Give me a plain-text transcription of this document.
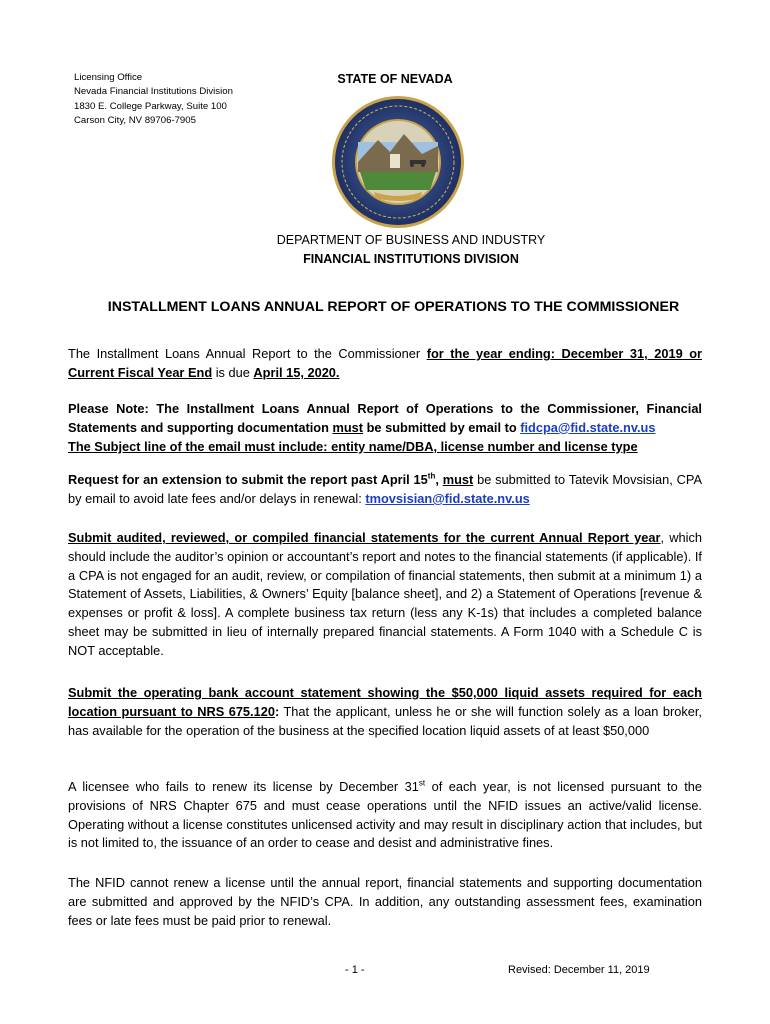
Licensing Office
Nevada Financial Institutions Division
1830 E. College Parkway, Suite 100
Carson City, NV 89706-7905
STATE OF NEVADA
DEPARTMENT OF BUSINESS AND INDUSTRY
FINANCIAL INSTITUTIONS DIVISION
INSTALLMENT LOANS ANNUAL REPORT OF OPERATIONS TO THE COMMISSIONER

The Installment Loans Annual Report to the Commissioner for the year ending: December 31, 2019 or Current Fiscal Year End is due April 15, 2020.

Please Note: The Installment Loans Annual Report of Operations to the Commissioner, Financial Statements and supporting documentation must be submitted by email to fidcpa@fid.state.nv.us

The Subject line of the email must include: entity name/DBA, license number and license type

Request for an extension to submit the report past April 15th, must be submitted to Tatevik Movsisian, CPA by email to avoid late fees and/or delays in renewal: tmovsisian@fid.state.nv.us

Submit audited, reviewed, or compiled financial statements for the current Annual Report year, which should include the auditor’s opinion or accountant’s report and notes to the financial statements (if applicable). If a CPA is not engaged for an audit, review, or compilation of financial statements, then submit at a minimum 1) a Statement of Assets, Liabilities, & Owners’ Equity [balance sheet], and 2) a Statement of Operations [revenue & expenses or profit & loss]. A complete business tax return (less any K-1s) that includes a completed balance sheet may be submitted in lieu of internally prepared financial statements. A Form 1040 with a Schedule C is NOT acceptable.

Submit the operating bank account statement showing the $50,000 liquid assets required for each location pursuant to NRS 675.120: That the applicant, unless he or she will function solely as a loan broker, has available for the operation of the business at the specified location liquid assets of at least $50,000

A licensee who fails to renew its license by December 31st of each year, is not licensed pursuant to the provisions of NRS Chapter 675 and must cease operations until the NFID issues an active/valid license. Operating without a license constitutes unlicensed activity and may result in disciplinary action that includes, but is not limited to, the issuance of an order to cease and desist and administrative fines.

The NFID cannot renew a license until the annual report, financial statements and supporting documentation are submitted and approved by the NFID’s CPA. In addition, any outstanding assessment fees, examination fees or late fees must be paid prior to renewal.

- 1 -	Revised: December 11, 2019
